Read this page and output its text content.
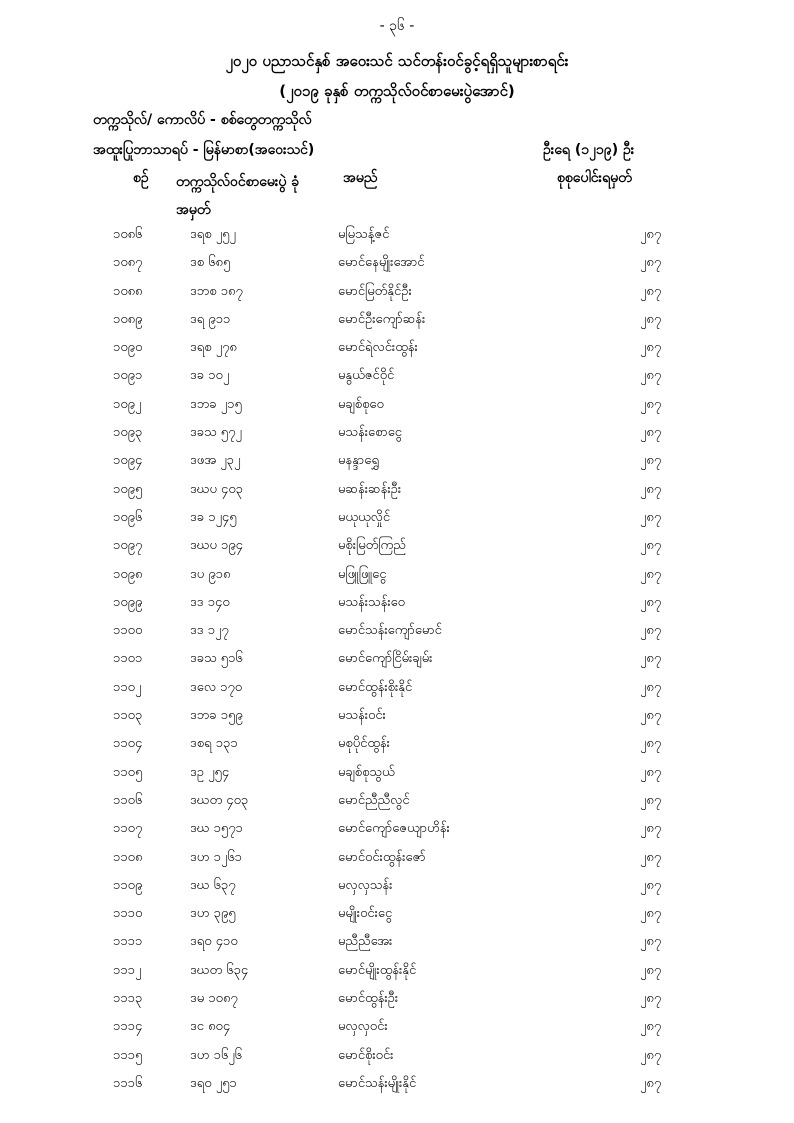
- ၃၆ -
၂၀၂၀ ပညာသင်နှစ် အဝေးသင် သင်တန်းဝင်ခွင့်ရရှိသူများစာရင်း
(၂၀၁၉ ခုနှစ် တက္ကသိုလ်ဝင်စာမေးပွဲအောင်)
တက္ကသိုလ်/ ကောလိပ် - စစ်တွေတက္ကသိုလ်
အထူးပြုဘာသာရပ် - မြန်မာစာ(အဝေးသင်)	ဦးရေ (၁၂၁၉) ဦး
စဉ် တက္ကသိုလ်ဝင်စာမေးပွဲ ခုံအမှတ်
အမည်	စုစုပေါင်းရမှတ်
၁၀၈၆	ဒရစ ၂၅၂	မမြသန့်ဇင်	၂၈၇
၁၀၈၇	ဒစ ၆၈၅	မောင်နေမျိုးအောင်	၂၈၇
၁၀၈၈	ဒဘစ ၁၈၇	မောင်မြတ်နိုင်ဦး	၂၈၇
၁၀၈၉	ဒရ ၉၁၁	မောင်ဦးကျော်ဆန်း	၂၈၇
၁၀၉၀	ဒရစ ၂၇၈	မောင်ရဲလင်းထွန်း	၂၈၇
၁၀၉၁	ဒခ ၁၀၂	မနွယ်ဇင်ဝိုင်	၂၈၇
၁၀၉၂	ဒဘခ ၂၁၅	မချစ်စုဝေ	၂၈၇
၁၀၉၃	ဒခသ ၅၇၂	မသန်းစောငွေ	၂၈၇
၁၀၉၄	ဒဖအ ၂၃၂	မနန္ဒာရွှေ	၂၈၇
၁၀၉၅	ဒဃပ ၄၀၃	မဆန်းဆန်းဦး	၂၈၇
၁၀၉၆	ဒခ ၁၂၄၅	မယုယုလှိုင်	၂၈၇
၁၀၉၇	ဒဃပ ၁၉၄	မစိုးမြတ်ကြည်	၂၈၇
၁၀၉၈	ဒပ ၉၁၈	မဖြူဖြူငွေ	၂၈၇
၁၀၉၉	ဒဒ ၁၄၀	မသန်းသန်းဝေ	၂၈၇
၁၁၀၀	ဒဒ ၁၂၇	မောင်သန်းကျော်မောင်	၂၈၇
၁၁၀၁	ဒခသ ၅၁၆	မောင်ကျော်ငြိမ်းချမ်း	၂၈၇
၁၁၀၂	ဒလေ ၁၇၀	မောင်ထွန်းစိုးနိုင်	၂၈၇
၁၁၀၃	ဒဘခ ၁၅၉	မသန်းဝင်း	၂၈၇
၁၁၀၄	ဒစရ ၁၃၁	မစုပိုင်ထွန်း	၂၈၇
၁၁၀၅	ဒဥ ၂၅၄	မချစ်စုသွယ်	၂၈၇
၁၁၀၆	ဒဃတ ၄၀၃	မောင်ညီညီလွင်	၂၈၇
၁၁၀၇	ဒဃ ၁၅၇၁	မောင်ကျော်ဇေယျာဟိန်း	၂၈၇
၁၁၀၈	ဒဟ ၁၂၆၁	မောင်ဝင်းထွန်းဇော်	၂၈၇
၁၁၀၉	ဒဃ ၆၃၇	မလှလှသန်း	၂၈၇
၁၁၁၀	ဒဟ ၃၉၅	မမျိုးဝင်းငွေ	၂၈၇
၁၁၁၁	ဒရ၀ ၄၁၀	မညီညီအေး	၂၈၇
၁၁၁၂	ဒဃတ ၆၃၄	မောင်မျိုးထွန်းနိုင်	၂၈၇
၁၁၁၃	ဒမ ၁၀၈၇	မောင်ထွန်းဦး	၂၈၇
၁၁၁၄	ဒင ၈၀၄	မလှလှဝင်း	၂၈၇
၁၁၁၅	ဒဟ ၁၆၂၆	မောင်စိုးဝင်း	၂၈၇
၁၁၁၆	ဒရ၀ ၂၅၁	မောင်သန်းမျိုးနိုင်	၂၈၇
